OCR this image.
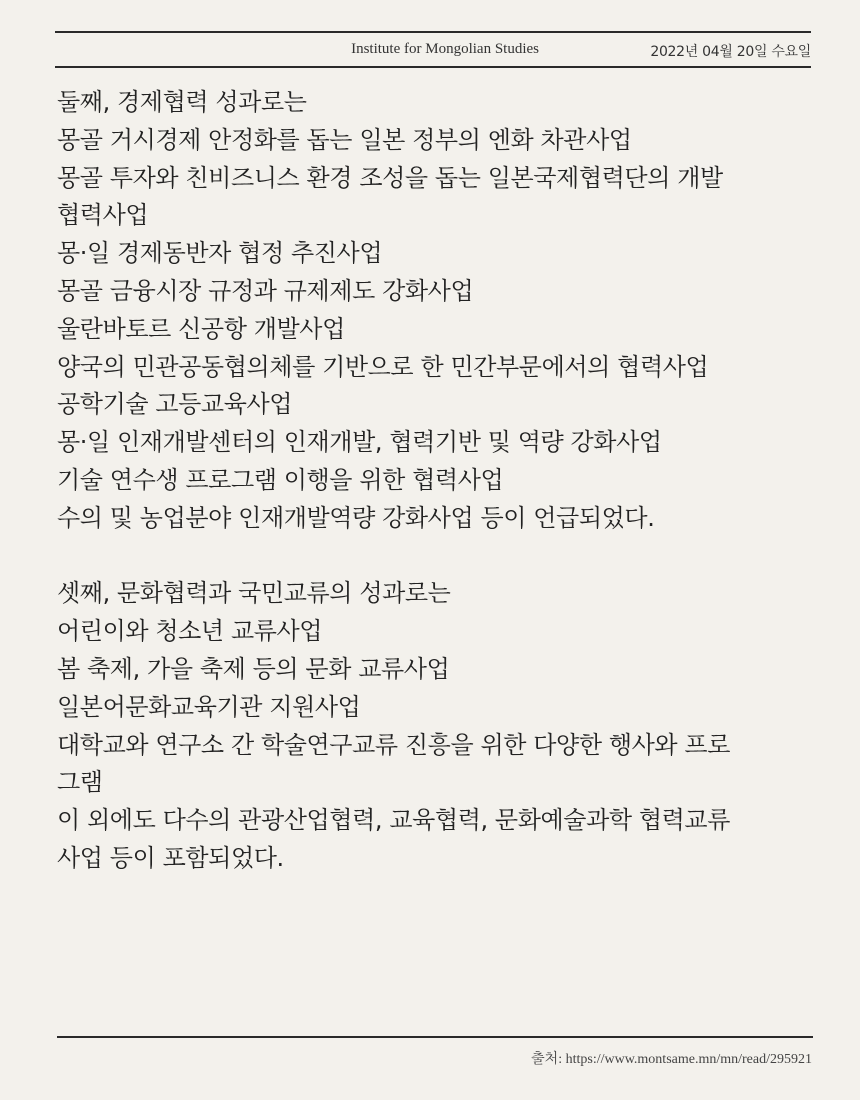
Institute for Mongolian Studies	2022년 04월 20일 수요일
둘째, 경제협력 성과로는
몽골 거시경제 안정화를 돕는 일본 정부의 엔화 차관사업
몽골 투자와 친비즈니스 환경 조성을 돕는 일본국제협력단의 개발
협력사업
몽·일 경제동반자 협정 추진사업
몽골 금융시장 규정과 규제제도 강화사업
울란바토르 신공항 개발사업
양국의 민관공동협의체를 기반으로 한 민간부문에서의 협력사업
공학기술 고등교육사업
몽·일 인재개발센터의 인재개발, 협력기반 및 역량 강화사업
기술 연수생 프로그램 이행을 위한 협력사업
수의 및 농업분야 인재개발역량 강화사업 등이 언급되었다.
셋째, 문화협력과 국민교류의 성과로는
어린이와 청소년 교류사업
봄 축제, 가을 축제 등의 문화 교류사업
일본어문화교육기관 지원사업
대학교와 연구소 간 학술연구교류 진흥을 위한 다양한 행사와 프로
그램
이 외에도 다수의 관광산업협력, 교육협력, 문화예술과학 협력교류
사업 등이 포함되었다.
출처: https://www.montsame.mn/mn/read/295921
